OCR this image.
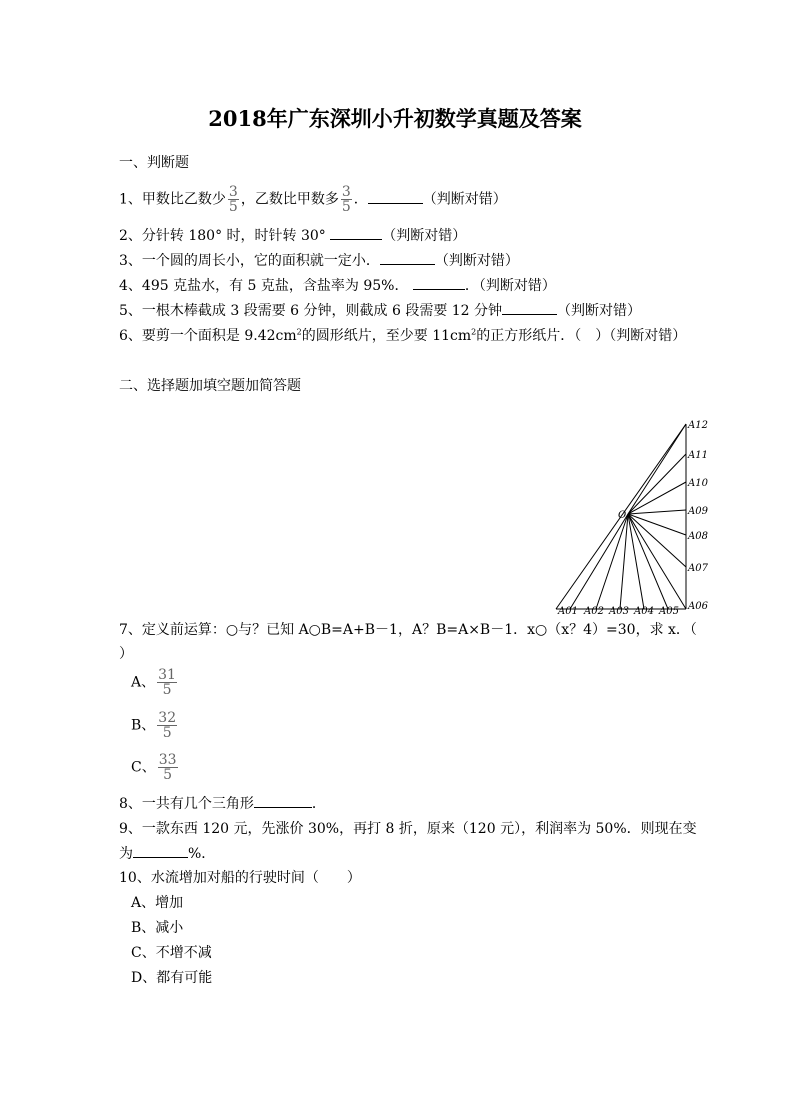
2018年广东深圳小升初数学真题及答案
一、判断题
1、甲数比乙数少 $\frac{3}{5}$ ，乙数比甲数多 $\frac{3}{5}$ ．	（判断对错）
2、分针转 180° 时，时针转 30°	（判断对错）
3、一个圆的周长小，它的面积就一定小．	（判断对错）
4、495 克盐水，有 5 克盐，含盐率为 95%．	．（判断对错）
5、一根木棒截成 3 段需要 6 分钟，则截成 6 段需要 12 分钟	（判断对错）
6、要剪一个面积是 $9.42cm^2$的圆形纸片，至少要 $11cm^2$的正方形纸片．（　）（判断对错）
二、选择题加填空题加简答题
O
A12
A11
A10
A09
A08
A07
A06
A01 A02 A03 A04 A05
7、定义前运算：○与？已知 A○B=A+B－1，A？B=A×B－1．x○（x？4）=30，求 x．（
）
A、 $\frac{31}{5}$
B、 $\frac{32}{5}$
C、 $\frac{33}{5}$
8、一共有几个三角形	．
9、一款东西 120 元，先涨价 30%，再打 8 折，原来（120 元），利润率为 50%．则现在变
为	%．
10、水流增加对船的行驶时间（　　）
A、增加
B、减小
C、不增不减
D、都有可能
